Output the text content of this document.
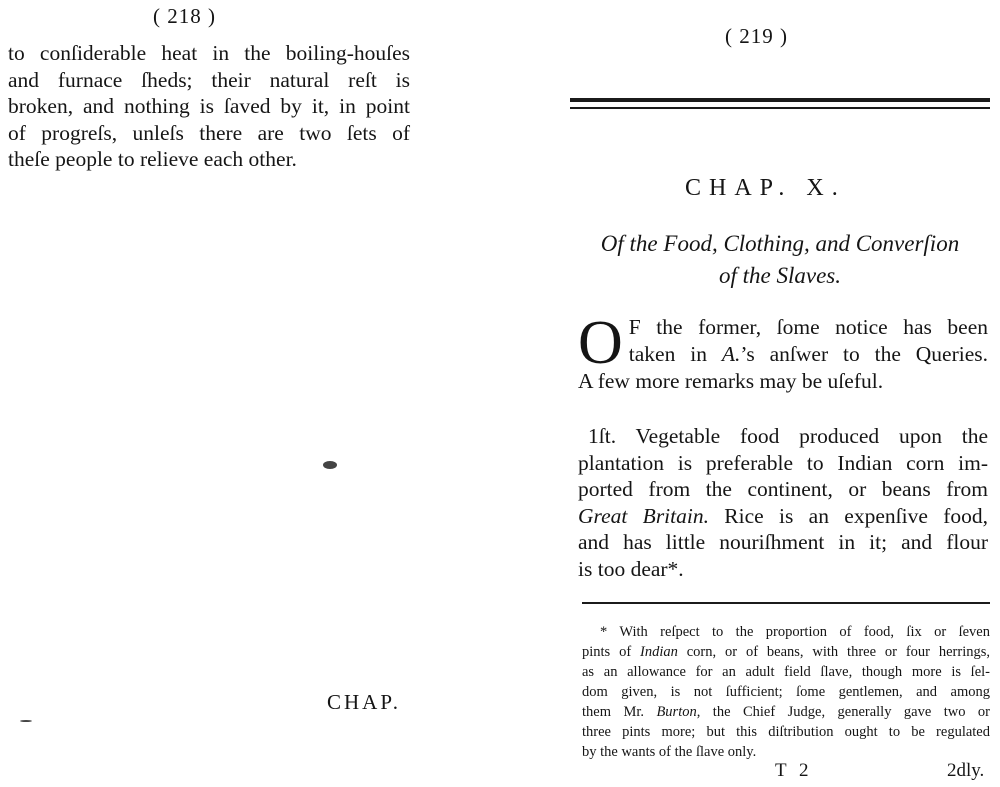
( 218 )
to conſiderable heat in the boiling-houſes
and furnace ſheds; their natural reſt is
broken, and nothing is ſaved by it, in point
of progreſs, unleſs there are two ſets of
theſe people to relieve each other.
CHAP.
( 219 )
CHAP. X.
Of the Food, Clothing, and Converſion
of the Slaves.
O F the former, ſome notice has been
taken in A.’s anſwer to the Queries.
A few more remarks may be uſeful.
1ſt. Vegetable food produced upon the
plantation is preferable to Indian corn im-
ported from the continent, or beans from
Great Britain. Rice is an expenſive food,
and has little nouriſhment in it; and flour
is too dear*.
* With reſpect to the proportion of food, ſix or ſeven
pints of Indian corn, or of beans, with three or four herrings,
as an allowance for an adult field ſlave, though more is ſel-
dom given, is not ſufficient; ſome gentlemen, and among
them Mr. Burton, the Chief Judge, generally gave two or
three pints more; but this diſtribution ought to be regulated
by the wants of the ſlave only.
T 2	2dly.
